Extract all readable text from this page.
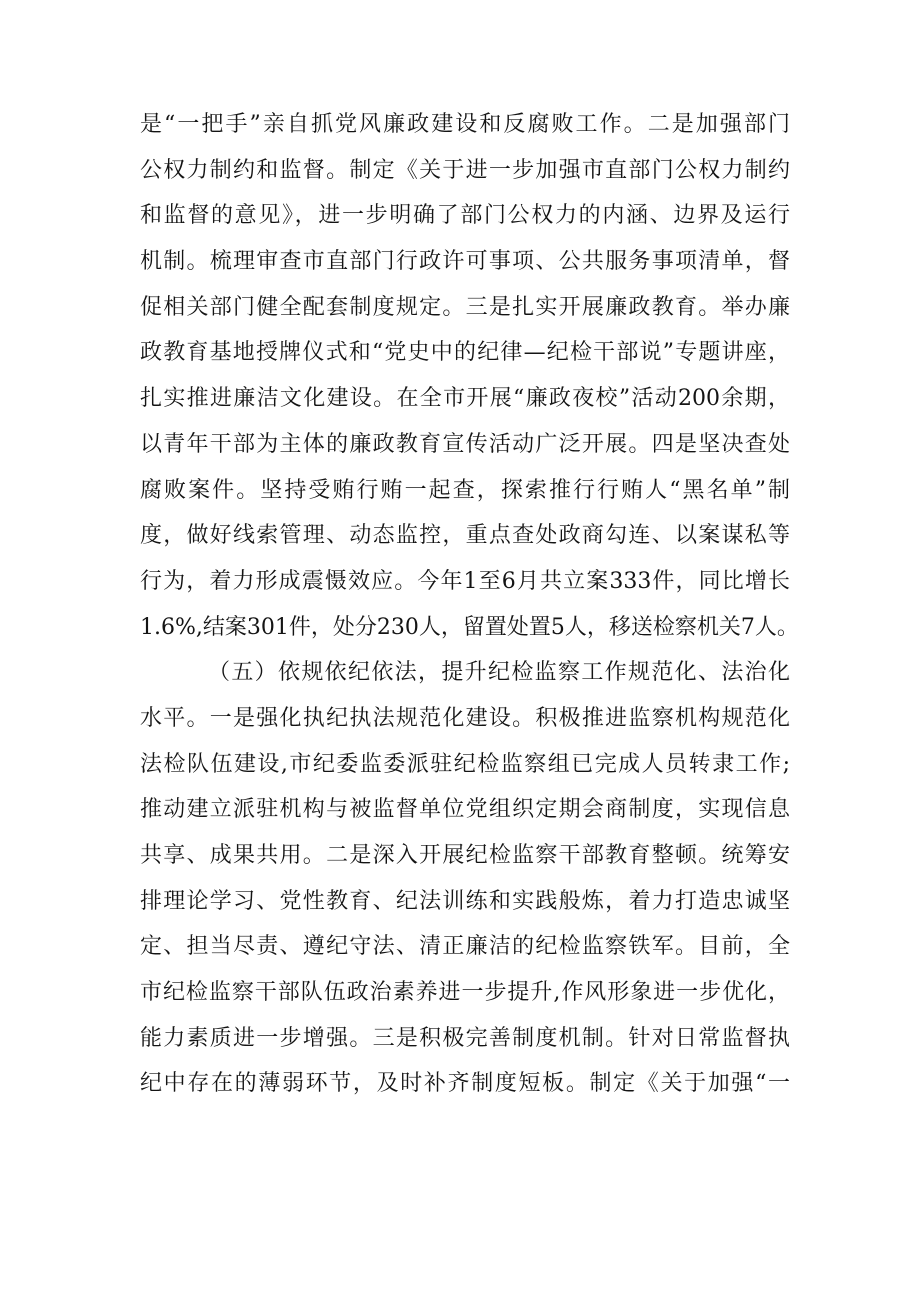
是“一把手”亲自抓党风廉政建设和反腐败工作。二是加强部门
公权力制约和监督。制定《关于进一步加强市直部门公权力制约
和监督的意见》，进一步明确了部门公权力的内涵、边界及运行
机制。梳理审查市直部门行政许可事项、公共服务事项清单，督
促相关部门健全配套制度规定。三是扎实开展廉政教育。举办廉
政教育基地授牌仪式和“党史中的纪律—纪检干部说”专题讲座，
扎实推进廉洁文化建设。在全市开展“廉政夜校”活动200余期，
以青年干部为主体的廉政教育宣传活动广泛开展。四是坚决查处
腐败案件。坚持受贿行贿一起查，探索推行行贿人“黑名单”制
度，做好线索管理、动态监控，重点查处政商勾连、以案谋私等
行为，着力形成震慑效应。今年1至6月共立案333件，同比增长
1.6%,结案301件，处分230人，留置处置5人，移送检察机关7人。
（五）依规依纪依法，提升纪检监察工作规范化、法治化
水平。一是强化执纪执法规范化建设。积极推进监察机构规范化
法检队伍建设,市纪委监委派驻纪检监察组已完成人员转隶工作;
推动建立派驻机构与被监督单位党组织定期会商制度，实现信息
共享、成果共用。二是深入开展纪检监察干部教育整顿。统筹安
排理论学习、党性教育、纪法训练和实践般炼，着力打造忠诚坚
定、担当尽责、遵纪守法、清正廉洁的纪检监察铁军。目前，全
市纪检监察干部队伍政治素养进一步提升,作风形象进一步优化，
能力素质进一步增强。三是积极完善制度机制。针对日常监督执
纪中存在的薄弱环节，及时补齐制度短板。制定《关于加强“一
